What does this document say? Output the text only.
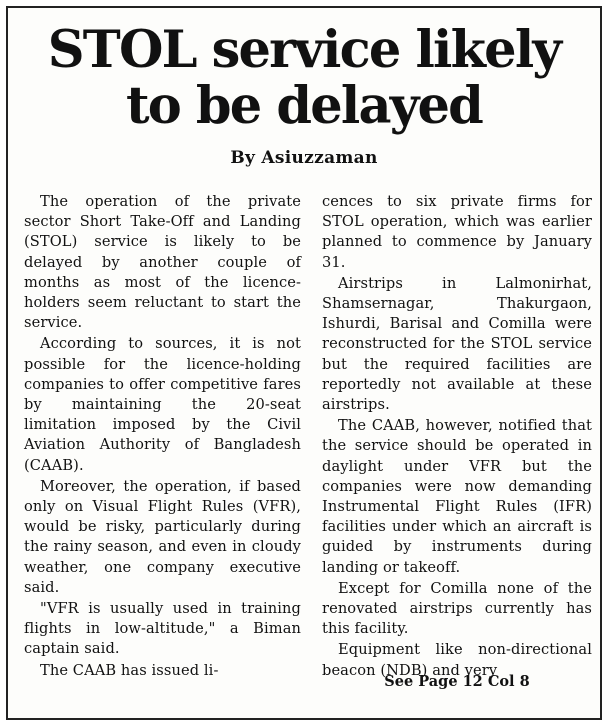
STOL service likely
to be delayed
By Asiuzzaman

The operation of the private sector Short Take-Off and Landing (STOL) service is likely to be delayed by another couple of months as most of the licence-holders seem reluctant to start the service.

According to sources, it is not possible for the licence-holding companies to offer competitive fares by maintaining the 20-seat limitation imposed by the Civil Aviation Authority of Bangladesh (CAAB).

Moreover, the operation, if based only on Visual Flight Rules (VFR), would be risky, particularly during the rainy season, and even in cloudy weather, one company executive said.

"VFR is usually used in training flights in low-altitude," a Biman captain said.

The CAAB has issued li-

cences to six private firms for STOL operation, which was earlier planned to commence by January 31.

Airstrips in Lalmonirhat, Shamsernagar, Thakurgaon, Ishurdi, Barisal and Comilla were reconstructed for the STOL service but the required facilities are reportedly not available at these airstrips.

The CAAB, however, notified that the service should be operated in daylight under VFR but the companies were now demanding Instrumental Flight Rules (IFR) facilities under which an aircraft is guided by instruments during landing or takeoff.

Except for Comilla none of the renovated airstrips currently has this facility.

Equipment like non-directional beacon (NDB) and very

See Page 12 Col 8
